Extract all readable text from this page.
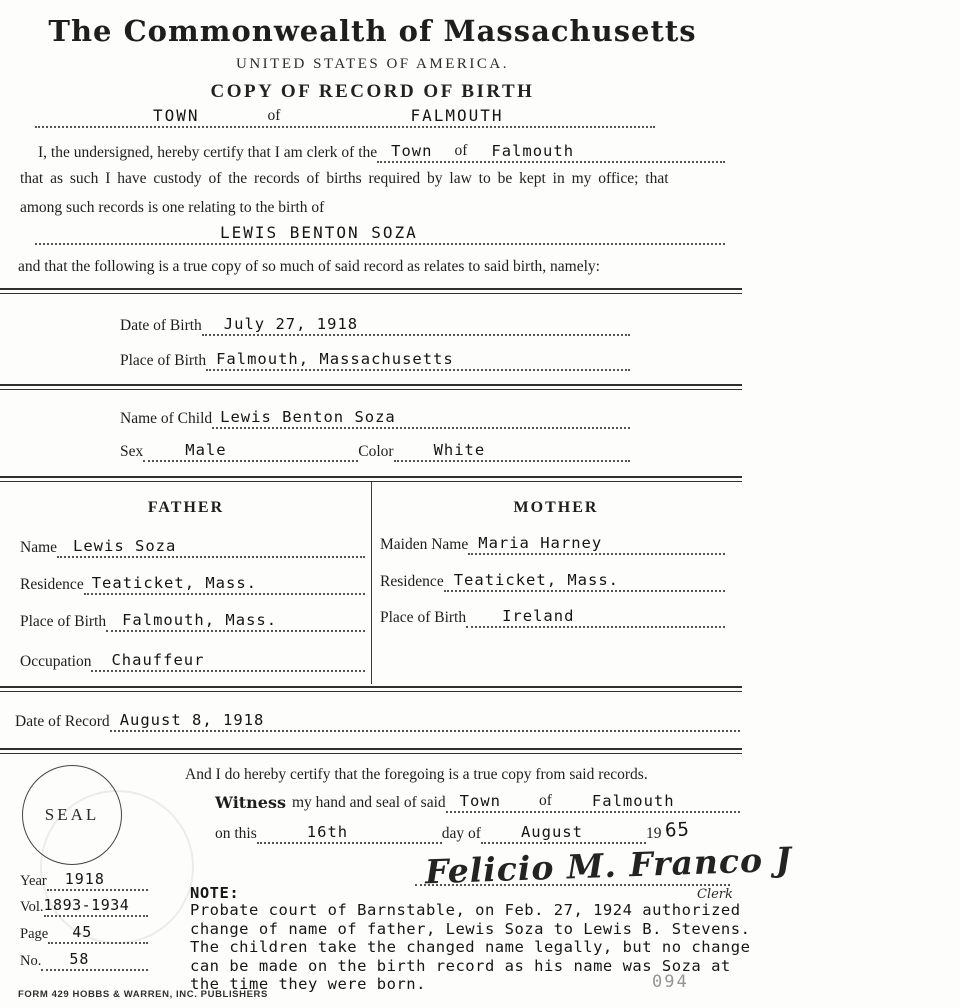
The Commonwealth of Massachusetts
UNITED STATES OF AMERICA.
COPY OF RECORD OF BIRTH
TOWN	of	FALMOUTH
I, the undersigned, hereby certify that I am clerk of the Town of Falmouth
that as such I have custody of the records of births required by law to be kept in my office; that
among such records is one relating to the birth of
LEWIS BENTON SOZA
and that the following is a true copy of so much of said record as relates to said birth, namely:
Date of Birth July 27, 1918
Place of Birth Falmouth, Massachusetts
Name of Child Lewis Benton Soza
Sex	Male	Color	White
FATHER
Name Lewis Soza
Residence Teaticket, Mass.
Place of Birth Falmouth, Mass.
Occupation Chauffeur
MOTHER
Maiden Name Maria Harney
Residence Teaticket, Mass.
Place of Birth Ireland
Date of Record August 8, 1918
SEAL
And I do hereby certify that the foregoing is a true copy from said records.
Witness my hand and seal of said Town of	Falmouth
on this	16th	day of	August	19 65
Felicio M. Franco J
Clerk
Year 1918
Vol. 1893-1934
Page 45
No. 58
NOTE:
Probate court of Barnstable, on Feb. 27, 1924 authorized
change of name of father, Lewis Soza to Lewis B. Stevens.
The children take the changed name legally, but no change
can be made on the birth record as his name was Soza at
the time they were born.
FORM 429 HOBBS & WARREN, INC. PUBLISHERS
094
